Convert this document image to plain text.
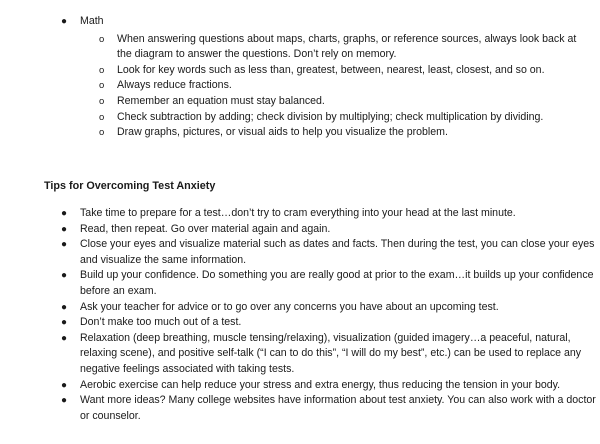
● Math
o When answering questions about maps, charts, graphs, or reference sources, always look back at the diagram to answer the questions. Don’t rely on memory.
o Look for key words such as less than, greatest, between, nearest, least, closest, and so on.
o Always reduce fractions.
o Remember an equation must stay balanced.
o Check subtraction by adding; check division by multiplying; check multiplication by dividing.
o Draw graphs, pictures, or visual aids to help you visualize the problem.
Tips for Overcoming Test Anxiety
● Take time to prepare for a test…don’t try to cram everything into your head at the last minute.
● Read, then repeat. Go over material again and again.
● Close your eyes and visualize material such as dates and facts. Then during the test, you can close your eyes and visualize the same information.
● Build up your confidence. Do something you are really good at prior to the exam…it builds up your confidence before an exam.
● Ask your teacher for advice or to go over any concerns you have about an upcoming test.
● Don’t make too much out of a test.
● Relaxation (deep breathing, muscle tensing/relaxing), visualization (guided imagery…a peaceful, natural, relaxing scene), and positive self-talk (“I can to do this”, “I will do my best”, etc.) can be used to replace any negative feelings associated with taking tests.
● Aerobic exercise can help reduce your stress and extra energy, thus reducing the tension in your body.
● Want more ideas? Many college websites have information about test anxiety. You can also work with a doctor or counselor.
